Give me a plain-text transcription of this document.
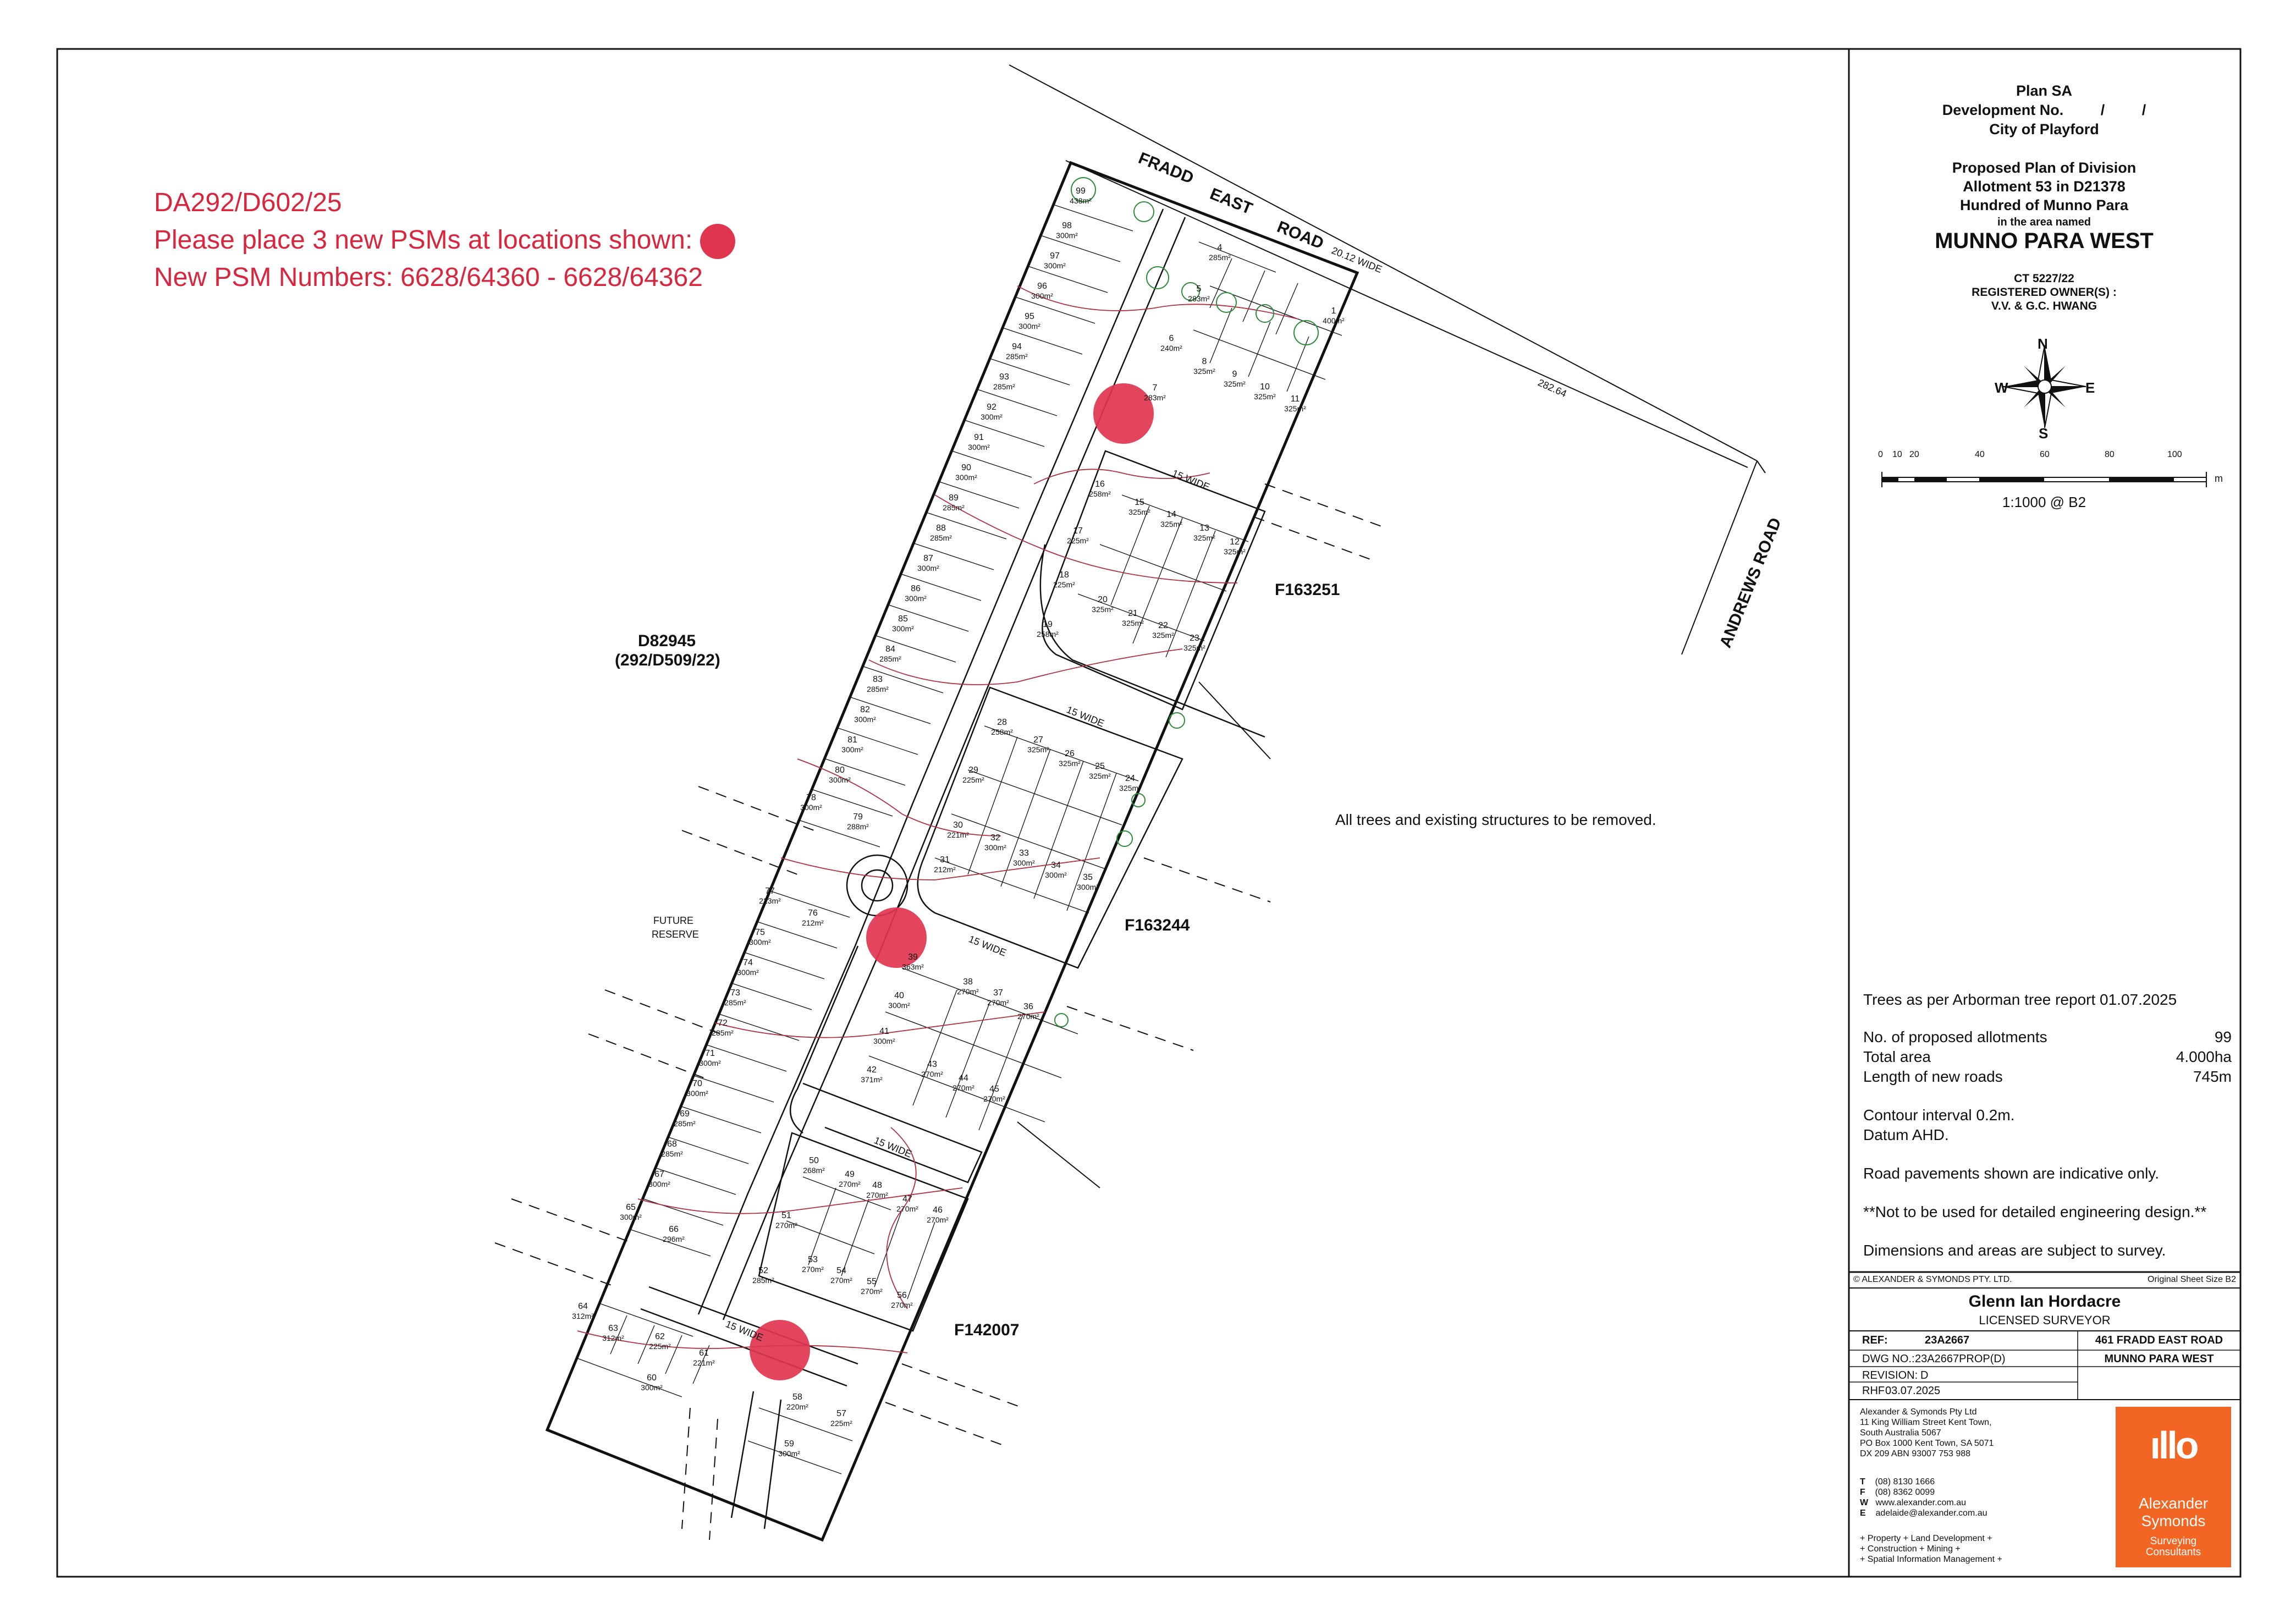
FRADD
EAST
ROAD
ANDREWS ROAD
D82945
(292/D509/22)
F163251
F163244
F142007
20.12 WIDE
282.64
FUTURE
RESERVE
15 WIDE
15 WIDE
15 WIDE
15 WIDE
15 WIDE
All trees and existing structures to be removed.
99
438m²
98
300m²
97
300m²
96
300m²
95
300m²
94
285m²
93
285m²
92
300m²
91
300m²
90
300m²
89
285m²
88
285m²
87
300m²
86
300m²
85
300m²
84
285m²
83
285m²
82
300m²
81
300m²
80
300m²
78
300m²
79
288m²
77
223m²
76
212m²
75
300m²
74
300m²
73
285m²
72
285m²
71
300m²
70
300m²
69
285m²
68
285m²
67
300m²
65
300m²
66
296m²
64
312m²
63
312m²	62
225m²
61
221m²
60
300m²
59
300m²
58
220m²
57
225m²
56
270m²
55
270m²
54
270m²
53
270m²
52
285m²
51
270m²
50
268m² 49
270m² 48
270m² 47
270m² 46
270m²
45
270m²
44
270m²
43
270m²
42
371m²
41
300m²
40
300m²
39
363m²
38
270m² 37
270m² 36
270m²
35
300m²
34
300m²
33
300m²
32
300m²
31
212m²
30
221m²
29
225m²
28
258m²
27
325m² 26
325m² 25
325m² 24
325m²
23
325m²
22
325m²
21
325m²
20
325m²
19
258m²
18
225m²
17
225m²
16
258m²
15
325m² 14
325m² 13
325m² 12
325m²
11
325m²
10
325m²
9
325m²
8
325m²
7
283m²
6
240m²
5
283m²
4
285m²
1
400m²
DA292/D602/25
Please place 3 new PSMs at locations shown:
New PSM Numbers: 6628/64360 - 6628/64362
Plan SA
Development No.         /         /
City of Playford
Proposed Plan of Division
Allotment 53 in D21378
Hundred of Munno Para
in the area named
MUNNO PARA WEST
CT 5227/22
REGISTERED OWNER(S) :
V.V. & G.C. HWANG
N
S
W	E
0 10 20	40	60	80	100
m
1:1000 @ B2
Trees as per Arborman tree report 01.07.2025
No. of proposed allotments	99
Total area	4.000ha
Length of new roads	745m
Contour interval 0.2m.
Datum AHD.
Road pavements shown are indicative only.
**Not to be used for detailed engineering design.**
Dimensions and areas are subject to survey.
© ALEXANDER & SYMONDS PTY. LTD.	Original Sheet Size B2
Glenn Ian Hordacre
LICENSED SURVEYOR
REF:	23A2667
DWG NO.: 23A2667PROP(D)
REVISION: D
RHF 03.07.2025
461 FRADD EAST ROAD
MUNNO PARA WEST
Alexander & Symonds Pty Ltd
11 King William Street Kent Town,
South Australia 5067
PO Box 1000 Kent Town, SA 5071
DX 209 ABN 93007 753 988
T (08) 8130 1666
F (08) 8362 0099
W www.alexander.com.au
E adelaide@alexander.com.au
+ Property + Land Development +
+ Construction + Mining +
+ Spatial Information Management +
ıllo
Alexander
Symonds
Surveying
Consultants
